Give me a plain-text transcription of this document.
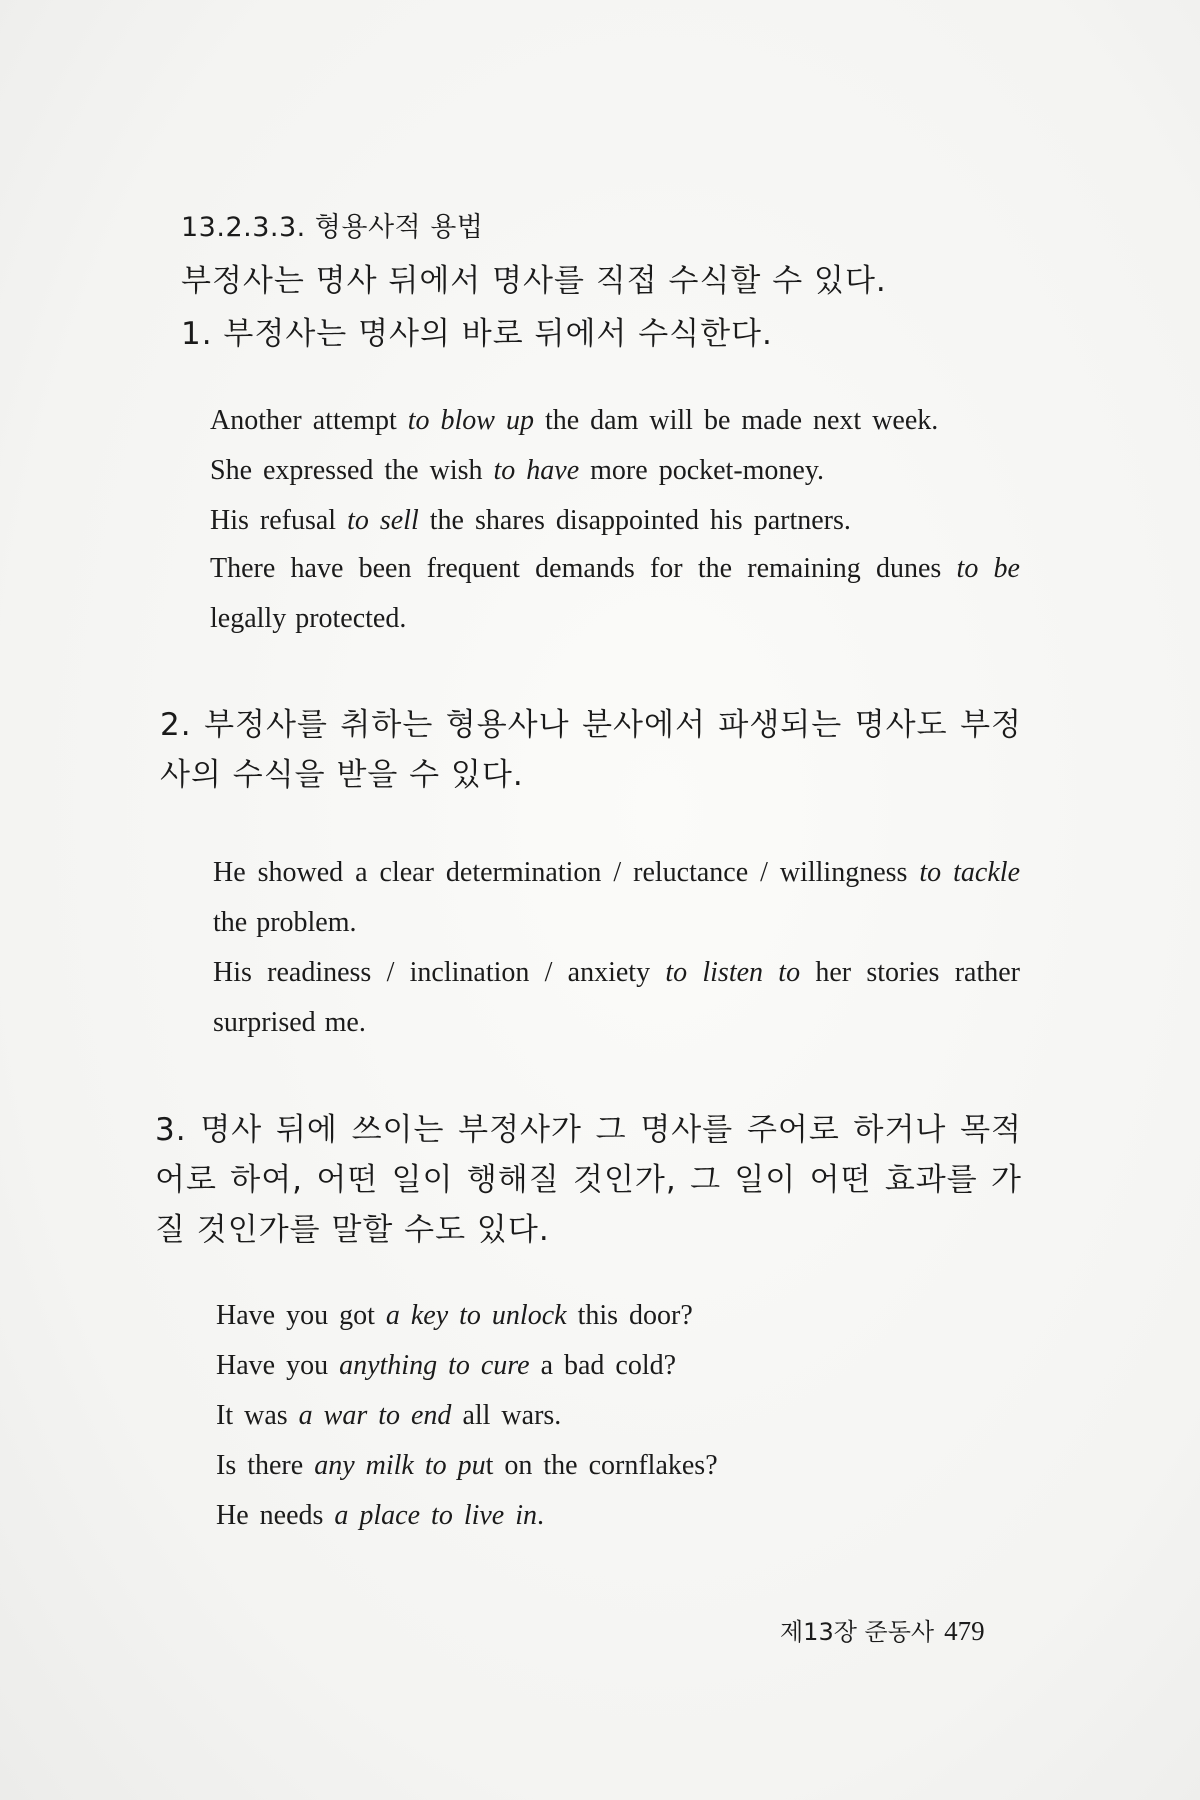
13.2.3.3. 형용사적 용법
부정사는 명사 뒤에서 명사를 직접 수식할 수 있다.
1. 부정사는 명사의 바로 뒤에서 수식한다.
Another attempt to blow up the dam will be made next week.
She expressed the wish to have more pocket-money.
His refusal to sell the shares disappointed his partners.
There have been frequent demands for the remaining dunes to be legally protected.
2. 부정사를 취하는 형용사나 분사에서 파생되는 명사도 부정사의 수식을 받을 수 있다.
He showed a clear determination / reluctance / willingness to tackle the problem.
His readiness / inclination / anxiety to listen to her stories rather surprised me.
3. 명사 뒤에 쓰이는 부정사가 그 명사를 주어로 하거나 목적어로 하여, 어떤 일이 행해질 것인가, 그 일이 어떤 효과를 가질 것인가를 말할 수도 있다.
Have you got a key to unlock this door?
Have you anything to cure a bad cold?
It was a war to end all wars.
Is there any milk to put on the cornflakes?
He needs a place to live in.
제13장 준동사 479
